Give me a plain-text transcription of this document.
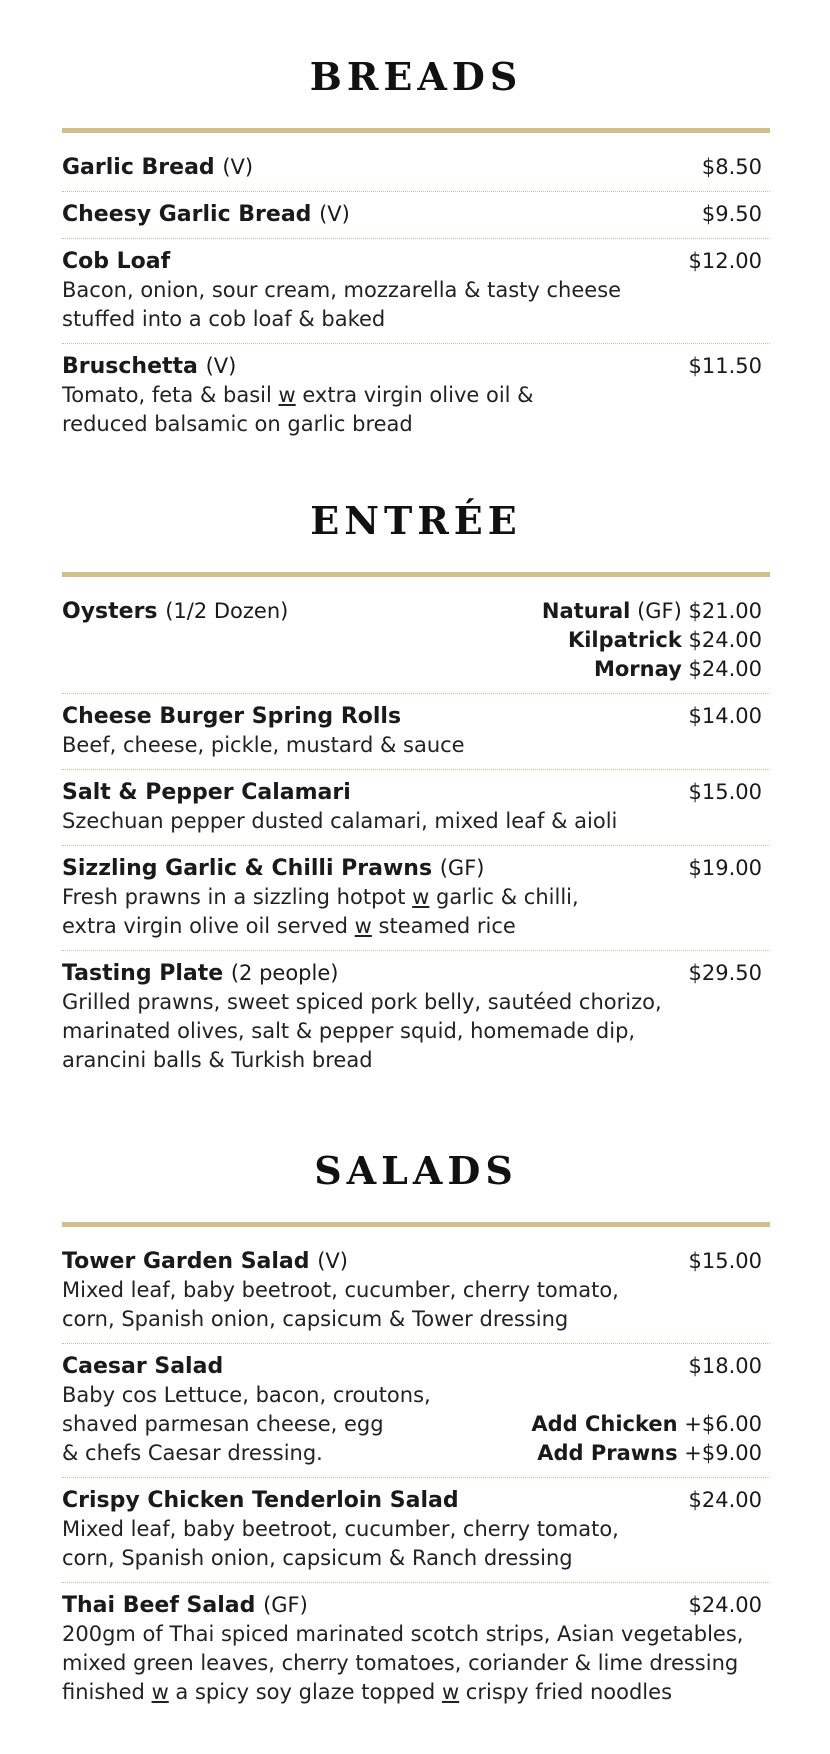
BREADS
Garlic Bread (V)	$8.50
Cheesy Garlic Bread (V)	$9.50
Cob Loaf	$12.00
Bacon, onion, sour cream, mozzarella & tasty cheese
stuffed into a cob loaf & baked
Bruschetta (V)	$11.50
Tomato, feta & basil w extra virgin olive oil &
reduced balsamic on garlic bread
ENTRÉE
Oysters (1/2 Dozen)	Natural (GF) $21.00
Kilpatrick $24.00
Mornay $24.00
Cheese Burger Spring Rolls	$14.00
Beef, cheese, pickle, mustard & sauce
Salt & Pepper Calamari	$15.00
Szechuan pepper dusted calamari, mixed leaf & aioli
Sizzling Garlic & Chilli Prawns (GF)	$19.00
Fresh prawns in a sizzling hotpot w garlic & chilli,
extra virgin olive oil served w steamed rice
Tasting Plate (2 people)	$29.50
Grilled prawns, sweet spiced pork belly, sautéed chorizo,
marinated olives, salt & pepper squid, homemade dip,
arancini balls & Turkish bread
SALADS
Tower Garden Salad (V)	$15.00
Mixed leaf, baby beetroot, cucumber, cherry tomato,
corn, Spanish onion, capsicum & Tower dressing
Caesar Salad	$18.00
Baby cos Lettuce, bacon, croutons,
shaved parmesan cheese, egg
& chefs Caesar dressing.
Add Chicken +$6.00
Add Prawns +$9.00
Crispy Chicken Tenderloin Salad	$24.00
Mixed leaf, baby beetroot, cucumber, cherry tomato,
corn, Spanish onion, capsicum & Ranch dressing
Thai Beef Salad (GF)	$24.00
200gm of Thai spiced marinated scotch strips, Asian vegetables,
mixed green leaves, cherry tomatoes, coriander & lime dressing
finished w a spicy soy glaze topped w crispy fried noodles
